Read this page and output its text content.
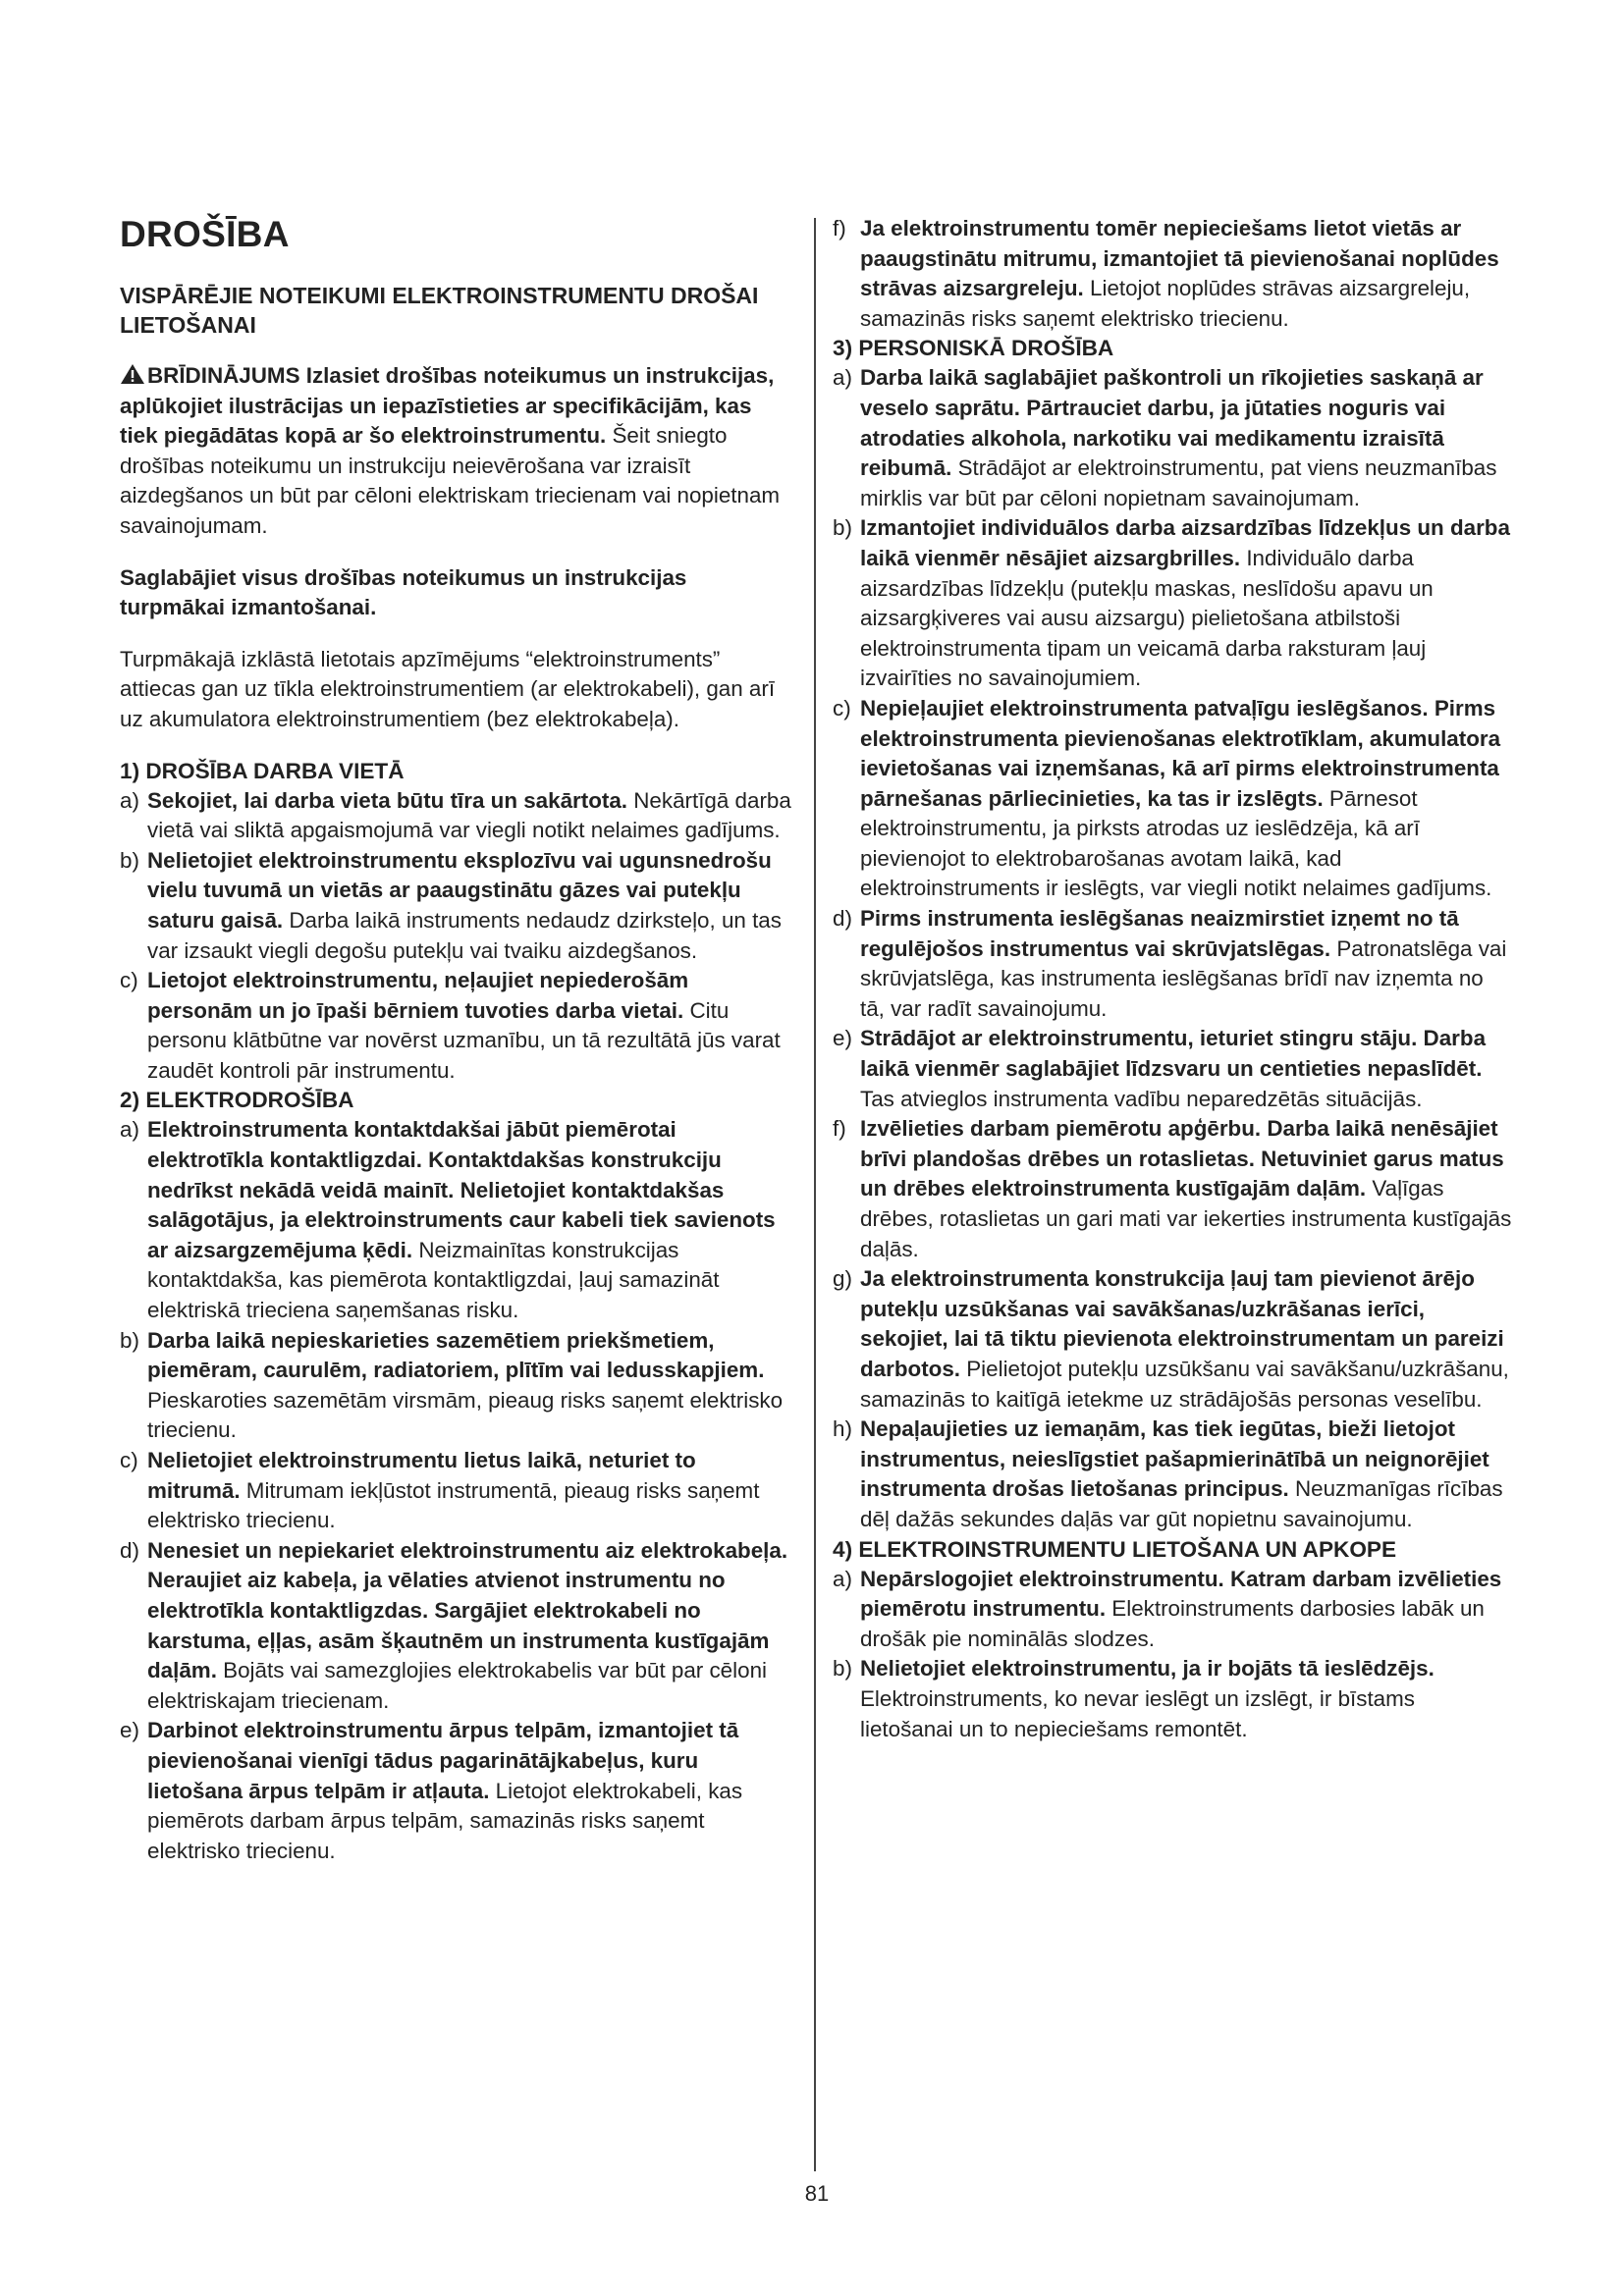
DROŠĪBA
VISPĀRĒJIE NOTEIKUMI ELEKTROINSTRUMENTU DROŠAI LIETOŠANAI
BRĪDINĀJUMS Izlasiet drošības noteikumus un instrukcijas, aplūkojiet ilustrācijas un iepazīstieties ar specifikācijām, kas tiek piegādātas kopā ar šo elektroinstrumentu. Šeit sniegto drošības noteikumu un instrukciju neievērošana var izraisīt aizdegšanos un būt par cēloni elektriskam triecienam vai nopietnam savainojumam.
Saglabājiet visus drošības noteikumus un instrukcijas turpmākai izmantošanai.
Turpmākajā izklāstā lietotais apzīmējums “elektroinstruments” attiecas gan uz tīkla elektroinstrumentiem (ar elektrokabeli), gan arī uz akumulatora elektroinstrumentiem (bez elektrokabeļa).
1) DROŠĪBA DARBA VIETĀ
a) Sekojiet, lai darba vieta būtu tīra un sakārtota. Nekārtīgā darba vietā vai sliktā apgaismojumā var viegli notikt nelaimes gadījums.
b) Nelietojiet elektroinstrumentu eksplozīvu vai ugunsnedrošu vielu tuvumā un vietās ar paaugstinātu gāzes vai putekļu saturu gaisā. Darba laikā instruments nedaudz dzirksteļo, un tas var izsaukt viegli degošu putekļu vai tvaiku aizdegšanos.
c) Lietojot elektroinstrumentu, neļaujiet nepiederošām personām un jo īpaši bērniem tuvoties darba vietai. Citu personu klātbūtne var novērst uzmanību, un tā rezultātā jūs varat zaudēt kontroli pār instrumentu.
2) ELEKTRODROŠĪBA
a) Elektroinstrumenta kontaktdakšai jābūt piemērotai elektrotīkla kontaktligzdai. Kontaktdakšas konstrukciju nedrīkst nekādā veidā mainīt. Nelietojiet kontaktdakšas salāgotājus, ja elektroinstruments caur kabeli tiek savienots ar aizsargzemējuma ķēdi. Neizmainītas konstrukcijas kontaktdakša, kas piemērota kontaktligzdai, ļauj samazināt elektriskā trieciena saņemšanas risku.
b) Darba laikā nepieskarieties sazemētiem priekšmetiem, piemēram, caurulēm, radiatoriem, plītīm vai ledusskapjiem. Pieskaroties sazemētām virsmām, pieaug risks saņemt elektrisko triecienu.
c) Nelietojiet elektroinstrumentu lietus laikā, neturiet to mitrumā. Mitrumam iekļūstot instrumentā, pieaug risks saņemt elektrisko triecienu.
d) Nenesiet un nepiekariet elektroinstrumentu aiz elektrokabeļa. Neraujiet aiz kabeļa, ja vēlaties atvienot instrumentu no elektrotīkla kontaktligzdas. Sargājiet elektrokabeli no karstuma, eļļas, asām šķautnēm un instrumenta kustīgajām daļām. Bojāts vai samezglojies elektrokabelis var būt par cēloni elektriskajam triecienam.
e) Darbinot elektroinstrumentu ārpus telpām, izmantojiet tā pievienošanai vienīgi tādus pagarinātājkabeļus, kuru lietošana ārpus telpām ir atļauta. Lietojot elektrokabeli, kas piemērots darbam ārpus telpām, samazinās risks saņemt elektrisko triecienu.
f) Ja elektroinstrumentu tomēr nepieciešams lietot vietās ar paaugstinātu mitrumu, izmantojiet tā pievienošanai noplūdes strāvas aizsargreleju. Lietojot noplūdes strāvas aizsargreleju, samazinās risks saņemt elektrisko triecienu.
3) PERSONISKĀ DROŠĪBA
a) Darba laikā saglabājiet paškontroli un rīkojieties saskaņā ar veselo saprātu. Pārtrauciet darbu, ja jūtaties noguris vai atrodaties alkohola, narkotiku vai medikamentu izraisītā reibumā. Strādājot ar elektroinstrumentu, pat viens neuzmanības mirklis var būt par cēloni nopietnam savainojumam.
b) Izmantojiet individuālos darba aizsardzības līdzekļus un darba laikā vienmēr nēsājiet aizsargbrilles. Individuālo darba aizsardzības līdzekļu (putekļu maskas, neslīdošu apavu un aizsargķiveres vai ausu aizsargu) pielietošana atbilstoši elektroinstrumenta tipam un veicamā darba raksturam ļauj izvairīties no savainojumiem.
c) Nepieļaujiet elektroinstrumenta patvaļīgu ieslēgšanos. Pirms elektroinstrumenta pievienošanas elektrotīklam, akumulatora ievietošanas vai izņemšanas, kā arī pirms elektroinstrumenta pārnešanas pārliecinieties, ka tas ir izslēgts. Pārnesot elektroinstrumentu, ja pirksts atrodas uz ieslēdzēja, kā arī pievienojot to elektrobarošanas avotam laikā, kad elektroinstruments ir ieslēgts, var viegli notikt nelaimes gadījums.
d) Pirms instrumenta ieslēgšanas neaizmirstiet izņemt no tā regulējošos instrumentus vai skrūvjatslēgas. Patronatslēga vai skrūvjatslēga, kas instrumenta ieslēgšanas brīdī nav izņemta no tā, var radīt savainojumu.
e) Strādājot ar elektroinstrumentu, ieturiet stingru stāju. Darba laikā vienmēr saglabājiet līdzsvaru un centieties nepaslīdēt. Tas atvieglos instrumenta vadību neparedzētās situācijās.
f) Izvēlieties darbam piemērotu apģērbu. Darba laikā nenēsājiet brīvi plandošas drēbes un rotaslietas. Netuviniet garus matus un drēbes elektroinstrumenta kustīgajām daļām. Vaļīgas drēbes, rotaslietas un gari mati var iekerties instrumenta kustīgajās daļās.
g) Ja elektroinstrumenta konstrukcija ļauj tam pievienot ārējo putekļu uzsūkšanas vai savākšanas/uzkrāšanas ierīci, sekojiet, lai tā tiktu pievienota elektroinstrumentam un pareizi darbotos. Pielietojot putekļu uzsūkšanu vai savākšanu/uzkrāšanu, samazinās to kaitīgā ietekme uz strādājošās personas veselību.
h) Nepaļaujieties uz iemaņām, kas tiek iegūtas, bieži lietojot instrumentus, neieslīgstiet pašapmierinātībā un neignorējiet instrumenta drošas lietošanas principus. Neuzmanīgas rīcības dēļ dažās sekundes daļās var gūt nopietnu savainojumu.
4) ELEKTROINSTRUMENTU LIETOŠANA UN APKOPE
a) Nepārslogojiet elektroinstrumentu. Katram darbam izvēlieties piemērotu instrumentu. Elektroinstruments darbosies labāk un drošāk pie nominālās slodzes.
b) Nelietojiet elektroinstrumentu, ja ir bojāts tā ieslēdzējs. Elektroinstruments, ko nevar ieslēgt un izslēgt, ir bīstams lietošanai un to nepieciešams remontēt.
81
